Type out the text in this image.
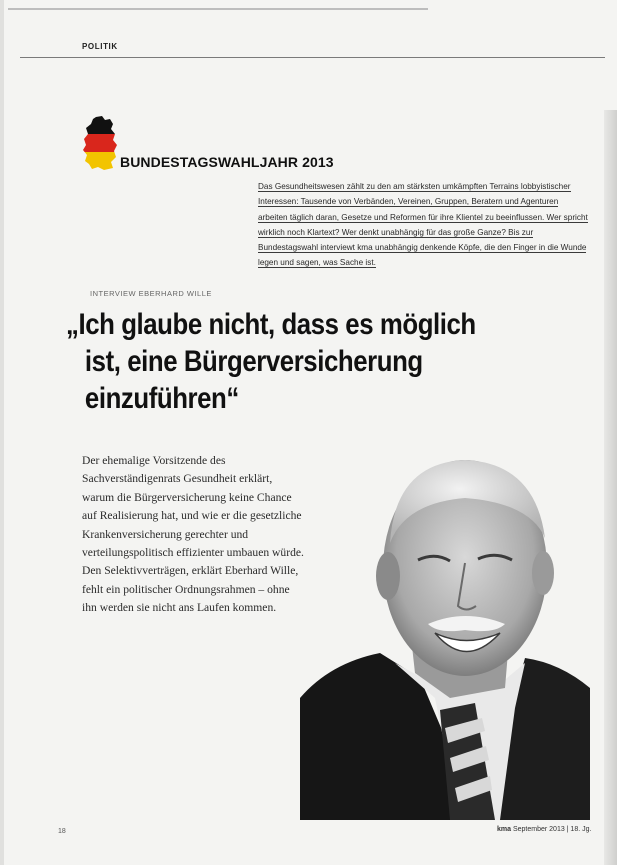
POLITIK
BUNDESTAGSWAHLJAHR 2013
Das Gesundheitswesen zählt zu den am stärksten umkämpften Terrains lobbyistischer Interessen: Tausende von Verbänden, Vereinen, Gruppen, Beratern und Agenturen arbeiten täglich daran, Gesetze und Reformen für ihre Klientel zu beeinflussen. Wer spricht wirklich noch Klartext? Wer denkt unabhängig für das große Ganze? Bis zur Bundestagswahl interviewt kma unabhängig denkende Köpfe, die den Finger in die Wunde legen und sagen, was Sache ist.
INTERVIEW EBERHARD WILLE
„Ich glaube nicht, dass es möglich
ist, eine Bürgerversicherung
einzuführen“
Der ehemalige Vorsitzende des Sachverständigenrats Gesundheit erklärt, warum die Bürgerversicherung keine Chance auf Realisierung hat, und wie er die gesetzliche Krankenversicherung gerechter und verteilungspolitisch effizienter umbauen würde. Den Selektivverträgen, erklärt Eberhard Wille, fehlt ein politischer Ordnungsrahmen – ohne ihn werden sie nicht ans Laufen kommen.
18	kma September 2013 | 18. Jg.
